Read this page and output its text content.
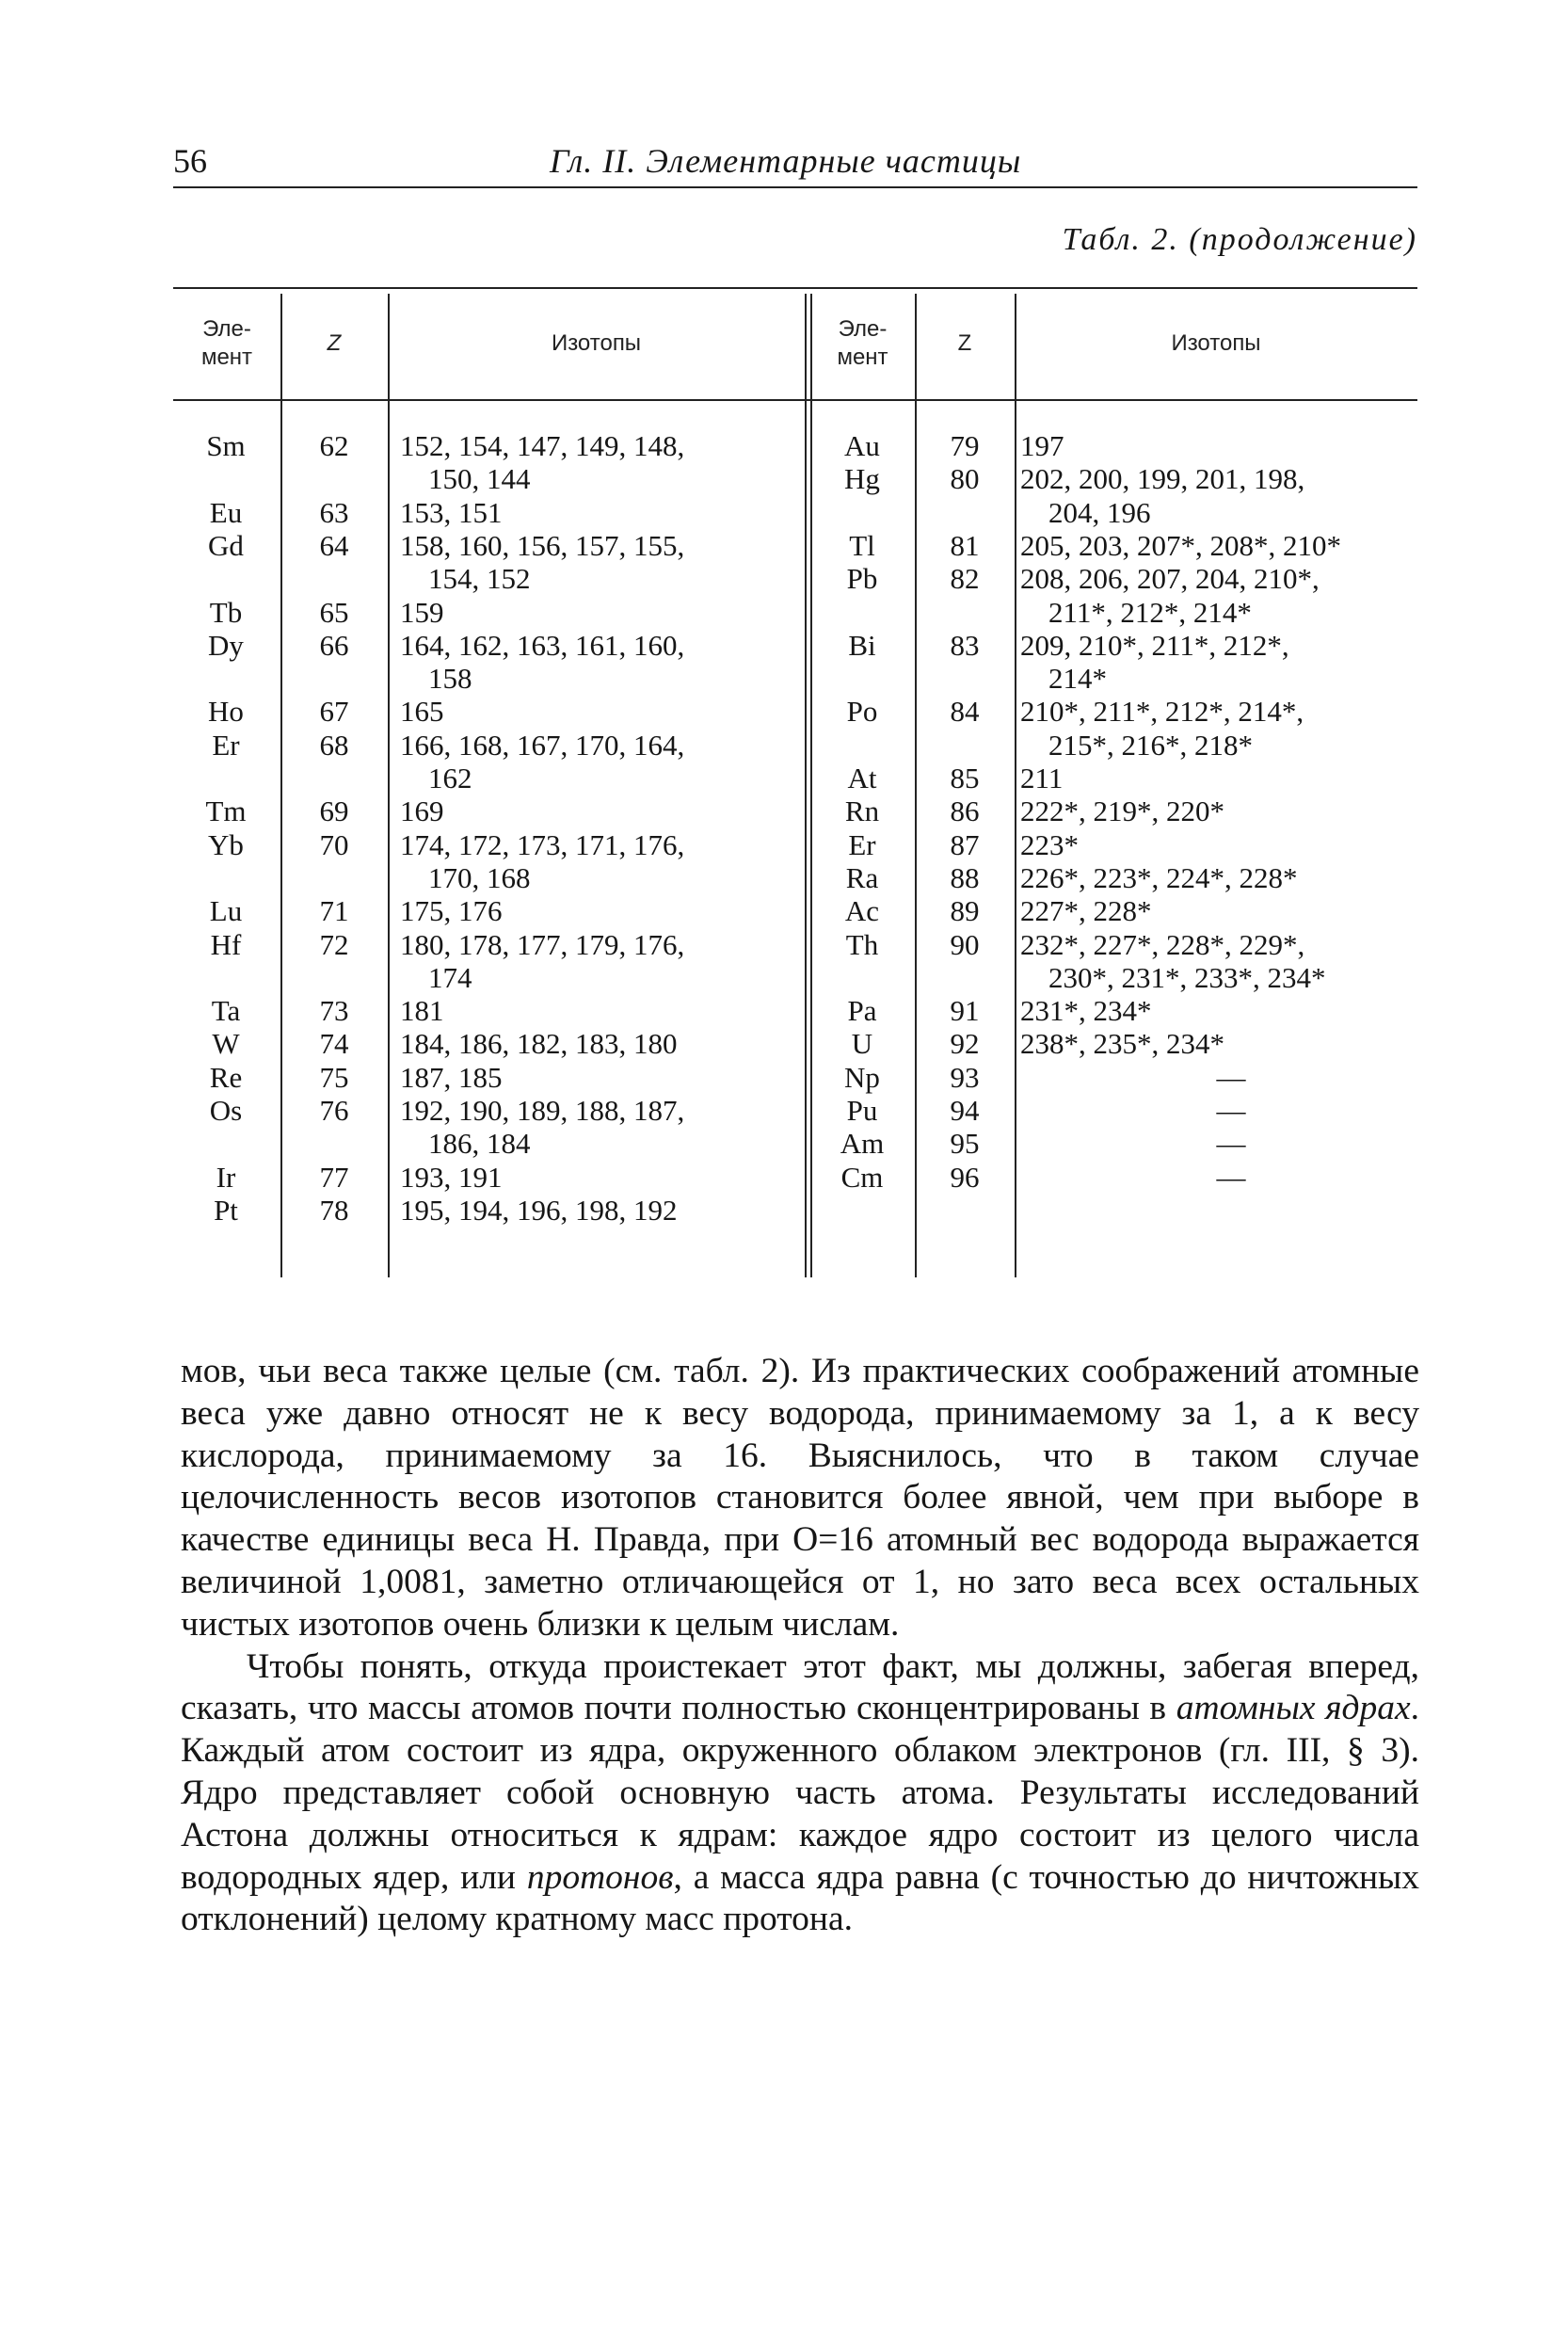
56	Гл. II. Элементарные частицы
Табл. 2. (продолжение)
Эле-
мент
Z	Изотопы
Эле-
мент
Z	Изотопы
Sm	62	152, 154, 147, 149, 148,
150, 144
Eu	63	153, 151
Gd	64	158, 160, 156, 157, 155,
154, 152
Tb	65	159
Dy	66	164, 162, 163, 161, 160,
158
Ho	67	165
Er	68	166, 168, 167, 170, 164,
162
Tm	69	169
Yb	70	174, 172, 173, 171, 176,
170, 168
Lu	71	175, 176
Hf	72	180, 178, 177, 179, 176,
174
Ta	73	181
W	74	184, 186, 182, 183, 180
Re	75	187, 185
Os	76	192, 190, 189, 188, 187,
186, 184
Ir	77	193, 191
Pt	78	195, 194, 196, 198, 192
Au	79	197
Hg	80	202, 200, 199, 201, 198,
204, 196
Tl	81	205, 203, 207*, 208*, 210*
Pb	82	208, 206, 207, 204, 210*,
211*, 212*, 214*
Bi	83	209, 210*, 211*, 212*,
214*
Po	84	210*, 211*, 212*, 214*,
215*, 216*, 218*
At	85	211
Rn	86	222*, 219*, 220*
Er	87	223*
Ra	88	226*, 223*, 224*, 228*
Ac	89	227*, 228*
Th	90	232*, 227*, 228*, 229*,
230*, 231*, 233*, 234*
Pa	91	231*, 234*
U	92	238*, 235*, 234*
Np	93	—
Pu	94	—
Am	95	—
Cm	96	—

мов, чьи веса также целые (см. табл. 2). Из практических соображений атомные веса уже давно относят не к весу водорода, принимаемому за 1, а к весу кислорода, принимаемому за 16. Выяснилось, что в таком случае целочисленность весов изотопов становится более явной, чем при выборе в качестве единицы веса H. Правда, при O=16 атомный вес водорода выражается величиной 1,0081, заметно отличающейся от 1, но зато веса всех остальных чистых изотопов очень близки к целым числам.

Чтобы понять, откуда проистекает этот факт, мы должны, забегая вперед, сказать, что массы атомов почти полностью сконцентрированы в атомных ядрах. Каждый атом состоит из ядра, окруженного облаком электронов (гл. III, § 3). Ядро представляет собой основную часть атома. Результаты исследований Астона должны относиться к ядрам: каждое ядро состоит из целого числа водородных ядер, или протонов, а масса ядра равна (с точностью до ничтожных отклонений) целому кратному масс протона.
